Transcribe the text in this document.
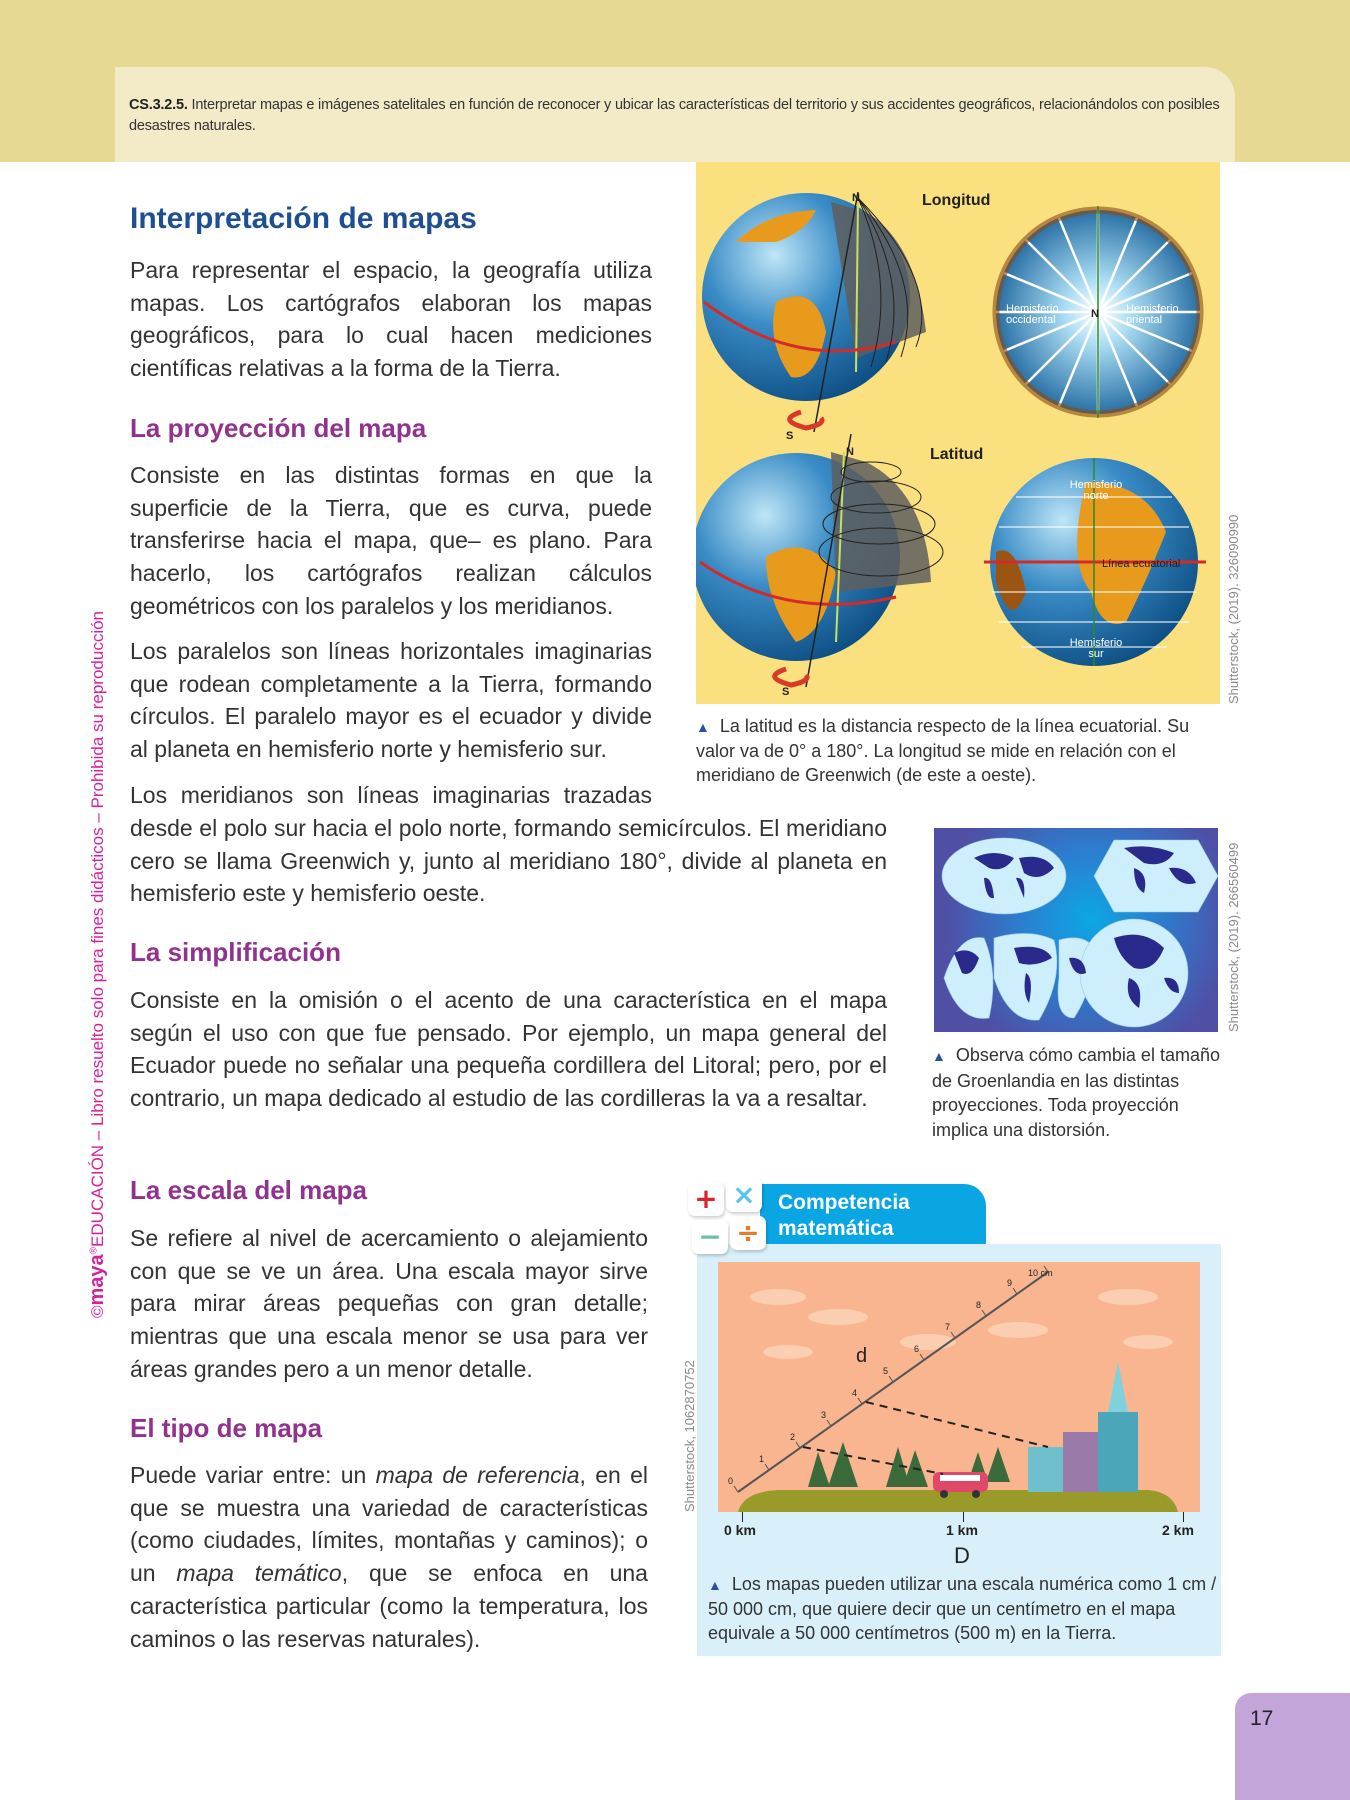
CS.3.2.5. Interpretar mapas e imágenes satelitales en función de reconocer y ubicar las características del territorio y sus accidentes geográficos, relacionándolos con posibles desastres naturales.

©maya®EDUCACIÓN – Libro resuelto solo para fines didácticos – Prohibida su reproducción
Interpretación de mapas

Para representar el espacio, la geografía utiliza mapas. Los cartógrafos elaboran los mapas geográficos, para lo cual hacen mediciones científicas relativas a la forma de la Tierra.

La proyección del mapa

Consiste en las distintas formas en que la superficie de la Tierra, que es curva, puede transferirse hacia el mapa, que– es plano. Para hacerlo, los cartógrafos realizan cálculos geométricos con los paralelos y los meridianos.

Los paralelos son líneas horizontales imaginarias que rodean completamente a la Tierra, formando círculos. El paralelo mayor es el ecuador y divide al planeta en hemisferio norte y hemisferio sur.

Los meridianos son líneas imaginarias trazadas

desde el polo sur hacia el polo norte, formando semicírculos. El meridiano cero se llama Greenwich y, junto al meridiano 180°, divide al planeta en hemisferio este y hemisferio oeste.

La simplificación

Consiste en la omisión o el acento de una característica en el mapa según el uso con que fue pensado. Por ejemplo, un mapa general del Ecuador puede no señalar una pequeña cordillera del Litoral; pero, por el contrario, un mapa dedicado al estudio de las cordilleras la va a resaltar.

La escala del mapa

Se refiere al nivel de acercamiento o alejamiento con que se ve un área. Una escala mayor sirve para mirar áreas pequeñas con gran detalle; mientras que una escala menor se usa para ver áreas grandes pero a un menor detalle.

El tipo de mapa

Puede variar entre: un mapa de referencia, en el que se muestra una variedad de características (como ciudades, límites, montañas y caminos); o un mapa temático, que se enfoca en una característica particular (como la temperatura, los caminos o las reservas naturales).

Longitud
Latitud
N
S
N
S
N
Hemisferio occidental
Hemisferio oriental
Hemisferio norte
Hemisferio sur
Línea ecuatorial	Shutterstock, (2019). 326090990

▲ La latitud es la distancia respecto de la línea ecuatorial. Su valor va de 0° a 180°. La longitud se mide en relación con el meridiano de Greenwich (de este a oeste).

Shutterstock, (2019). 266560499

▲ Observa cómo cambia el tamaño de Groenlandia en las distintas proyecciones. Toda proyección implica una distorsión.

+ ×
− ÷
Competencia
matemática
0
1
2
3
4
5
6
7
8
9
10 cm
d
0 km	1 km	2 km
D
Shutterstock, 1062870752

▲ Los mapas pueden utilizar una escala numérica como 1 cm / 50 000 cm, que quiere decir que un centímetro en el mapa equivale a 50 000 centímetros (500 m) en la Tierra.

17
